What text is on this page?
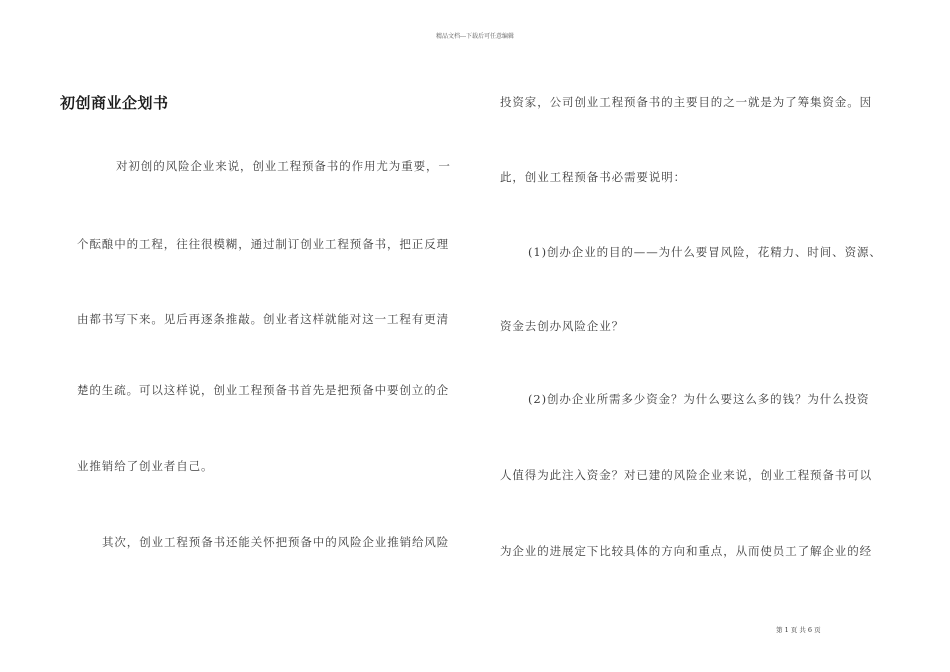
精品文档---下载后可任意编辑
初创商业企划书
对初创的风险企业来说，创业工程预备书的作用尤为重要，一
个酝酿中的工程，往往很模糊，通过制订创业工程预备书，把正反理
由都书写下来。见后再逐条推敲。创业者这样就能对这一工程有更清
楚的生疏。可以这样说，创业工程预备书首先是把预备中要创立的企
业推销给了创业者自己。
其次，创业工程预备书还能关怀把预备中的风险企业推销给风险
投资家，公司创业工程预备书的主要目的之一就是为了筹集资金。因
此，创业工程预备书必需要说明：
(1)创办企业的目的——为什么要冒风险，花精力、时间、资源、
资金去创办风险企业？
(2)创办企业所需多少资金？为什么要这么多的钱？为什么投资
人值得为此注入资金？对已建的风险企业来说，创业工程预备书可以
为企业的进展定下比较具体的方向和重点，从而使员工了解企业的经
第 1 页 共 6 页
